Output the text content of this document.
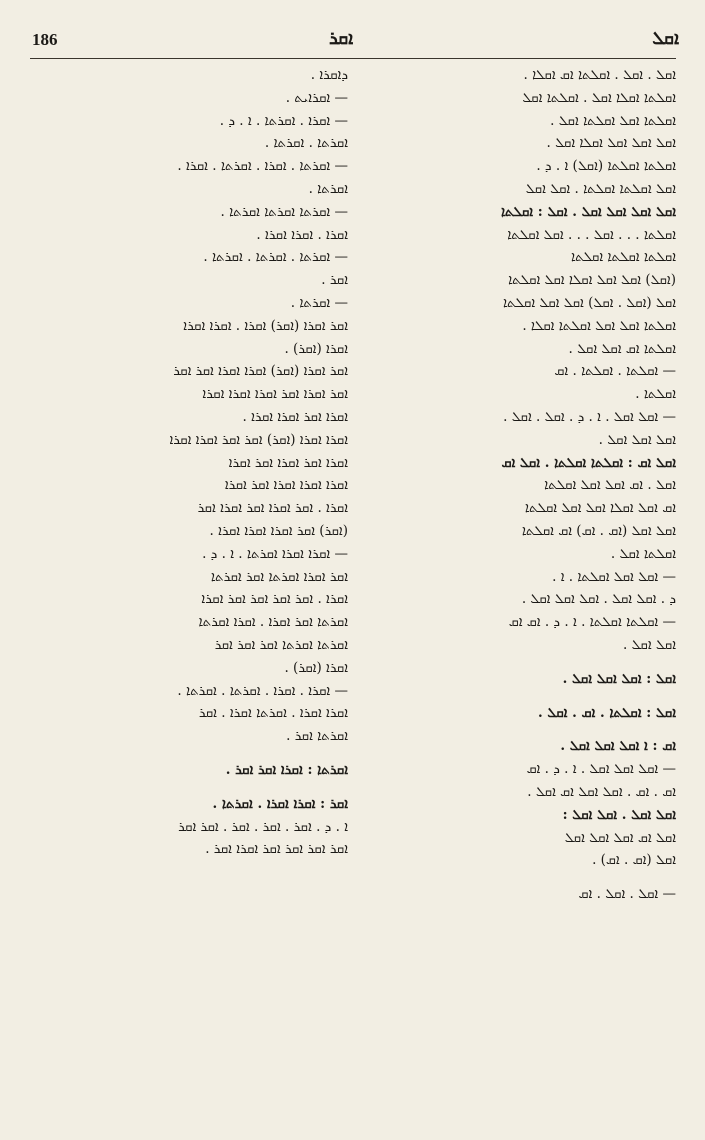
186	ܐܩܪ	ܐܩܠ
ܕܐܩܪܐ .
— ܐܩܪܐܝܬ .
— ܐܩܪܐ . ܐܩܪܬܐ . ܐ . ܕ .
ܐܩܪܬܐ . ܐܩܪܬܐ .
— ܐܩܪܬܐ . ܐܩܪܐ . ܐܩܪܬܐ . ܐܩܪܐ .
ܐܩܪܬܐ .
— ܐܩܪܬܐ ܐܩܪܬܐ ܐܩܪܬܐ .
ܐܩܪܐ . ܐܩܪܐ ܐܩܪܐ .
— ܐܩܪܬܐ . ܐܩܪܬܐ . ܐܩܪܬܐ .
ܐܩܪ .
— ܐܩܪܬܐ .
ܐܩܪ ܐܩܪܐ (ܐܩܪ) ܐܩܪܐ . ܐܩܪܐ ܐܩܪܐ
ܐܩܪܐ (ܐܩܪ) .
ܐܩܪ ܐܩܪܐ (ܐܩܪ) ܐܩܪܐ ܐܩܪܐ ܐܩܪ ܐܩܪ
ܐܩܪ ܐܩܪܐ ܐܩܪ ܐܩܪܐ ܐܩܪܐ ܐܩܪܐ
ܐܩܪܐ ܐܩܪ ܐܩܪܐ ܐܩܪܐ .
ܐܩܪܐ ܐܩܪܐ (ܐܩܪ) ܐܩܪ ܐܩܪ ܐܩܪܐ ܐܩܪܐ
ܐܩܪܐ ܐܩܪ ܐܩܪܐ ܐܩܪ ܐܩܪܐ
ܐܩܪܐ ܐܩܪܐ ܐܩܪܐ ܐܩܪ ܐܩܪܐ
ܐܩܪܐ . ܐܩܪ ܐܩܪܐ ܐܩܪ ܐܩܪܐ ܐܩܪ
(ܐܩܪ) ܐܩܪ ܐܩܪܐ ܐܩܪܐ ܐܩܪܐ .
— ܐܩܪܐ ܐܩܪܐ ܐܩܪܬܐ . ܐ . ܕ .
ܐܩܪ ܐܩܪܐ ܐܩܪܬܐ ܐܩܪ ܐܩܪܬܐ
ܐܩܪܐ . ܐܩܪ ܐܩܪ ܐܩܪ ܐܩܪ ܐܩܪܐ
ܐܩܪܬܐ ܐܩܪ ܐܩܪܐ . ܐܩܪܐ ܐܩܪܬܐ
ܐܩܪܬܐ ܐܩܪܬܐ ܐܩܪ ܐܩܪ ܐܩܪ
ܐܩܪܐ (ܐܩܪ) .
— ܐܩܪܐ . ܐܩܪܐ . ܐܩܪܬܐ . ܐܩܪܬܐ .
ܐܩܪܐ ܐܩܪܐ . ܐܩܪܬܐ ܐܩܪܐ . ܐܩܪ
ܐܩܪܬܐ ܐܩܪ .
ܐܩܪܬܐ : ܐܩܪܐ ܐܩܪ ܐܩܪ .
ܐܩܪ : ܐܩܪܐ ܐܩܪܐ . ܐܩܪܬܐ .
ܐ . ܕ . ܐܩܪ . ܐܩܪ . ܐܩܪ . ܐܩܪ ܐܩܪ
ܐܩܪ ܐܩܪ ܐܩܪ ܐܩܪ ܐܩܪܐ ܐܩܪ .
ܐܩܠ . ܐܩܠ . ܐܩܠܬܐ ܐܩ ܐܩܠܐ .
ܐܩܠܬܐ ܐܩܠܐ ܐܩܠ . ܐܩܠܬܐ ܐܩܠ
ܐܩܠܬܐ ܐܩܠ ܐܩܠܬܐ ܐܩܠ .
ܐܩܠ ܐܩܠ ܐܩܠ ܐܩܠܐ ܐܩܠ .
ܐܩܠܬܐ ܐܩܠܬܐ (ܐܩܠ) ܐ . ܕ .
ܐܩܠ ܐܩܠܬܐ ܐܩܠܬܐ . ܐܩܠ ܐܩܠ
ܐܩܠ ܐܩܠ ܐܩܠ ܐܩܠ . ܐܩܠ : ܐܩܠܬܐ
ܐܩܠܬܐ . . . ܐܩܠ . . . ܐܩܠ ܐܩܠܬܐ
ܐܩܠܬܐ ܐܩܠܬܐ ܐܩܠܬܐ
(ܐܩܠ) ܐܩܠ ܐܩܠ ܐܩܠܐ ܐܩܠ ܐܩܠܬܐ
ܐܩܠ (ܐܩܠ . ܐܩܠ) ܐܩܠ ܐܩܠ ܐܩܠܬܐ
ܐܩܠܬܐ ܐܩܠ ܐܩܠ ܐܩܠܬܐ ܐܩܠܐ .
ܐܩܠܬܐ ܐܩ ܐܩܠ ܐܩܠ .
— ܐܩܠܬܐ . ܐܩܠܬܐ . ܐܩ
ܐܩܠܬܐ .
— ܐܩܠ ܐܩܠ . ܐ . ܕ . ܐܩܠ . ܐܩܠ .
ܐܩܠ ܐܩܠ ܐܩܠ .
ܐܩܠ ܐܩ : ܐܩܠܬܐ ܐܩܠܬܐ . ܐܩܠ ܐܩ
ܐܩܠ . ܐܩ ܐܩܠ ܐܩܠ ܐܩܠܬܐ
ܐܩ ܐܩܠ ܐܩܠܐ ܐܩܠ ܐܩܠ ܐܩܠܬܐ
ܐܩܠ ܐܩܠ (ܐܩ . ܐܩ) ܐܩ ܐܩܠܬܐ
ܐܩܠܬܐ ܐܩܠ .
— ܐܩܠ ܐܩܠ ܐܩܠܬܐ . ܐ .
ܕ . ܐܩܠ ܐܩܠ . ܐܩܠ ܐܩܠ ܐܩܠ .
— ܐܩܠܬܐ ܐܩܠܬܐ . ܐ . ܕ . ܐܩ ܐܩ
ܐܩܠ ܐܩܠ .
ܐܩܠ : ܐܩܠ ܐܩܠ ܐܩܠ .
ܐܩܠ : ܐܩܠܬܐ . ܐܩ . ܐܩܠ .
ܐܩ : ܐ ܐܩܠ ܐܩܠ ܐܩܠ .
— ܐܩܠ ܐܩܠ ܐܩܠ . ܐ . ܕ . ܐܩ
ܐܩ . ܐܩ . ܐܩܠ ܐܩܠ ܐܩ ܐܩܠ .
ܐܩܠ ܐܩܠ . ܐܩܠ ܐܩܠ :
ܐܩܠ ܐܩ ܐܩܠ ܐܩܠ ܐܩܠ
ܐܩܠ (ܐܩ . ܐܩ) .
— ܐܩܠ . ܐܩܠ . ܐܩ
